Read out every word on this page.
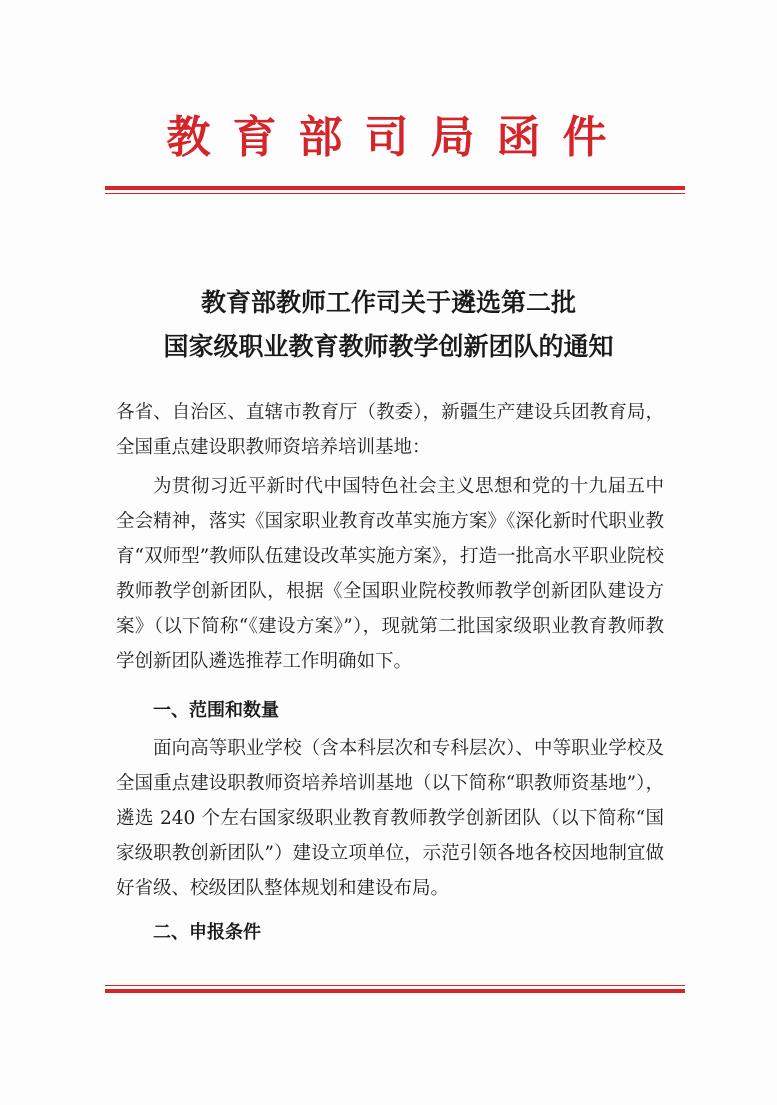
教育部司局函件
教育部教师工作司关于遴选第二批
国家级职业教育教师教学创新团队的通知
各省、自治区、直辖市教育厅（教委），新疆生产建设兵团教育局，全国重点建设职教师资培养培训基地：
为贯彻习近平新时代中国特色社会主义思想和党的十九届五中全会精神，落实《国家职业教育改革实施方案》《深化新时代职业教育“双师型”教师队伍建设改革实施方案》，打造一批高水平职业院校教师教学创新团队，根据《全国职业院校教师教学创新团队建设方案》（以下简称“《建设方案》”），现就第二批国家级职业教育教师教学创新团队遴选推荐工作明确如下。
一、范围和数量
面向高等职业学校（含本科层次和专科层次）、中等职业学校及全国重点建设职教师资培养培训基地（以下简称“职教师资基地”），遴选 240 个左右国家级职业教育教师教学创新团队（以下简称“国家级职教创新团队”）建设立项单位，示范引领各地各校因地制宜做好省级、校级团队整体规划和建设布局。
二、申报条件
